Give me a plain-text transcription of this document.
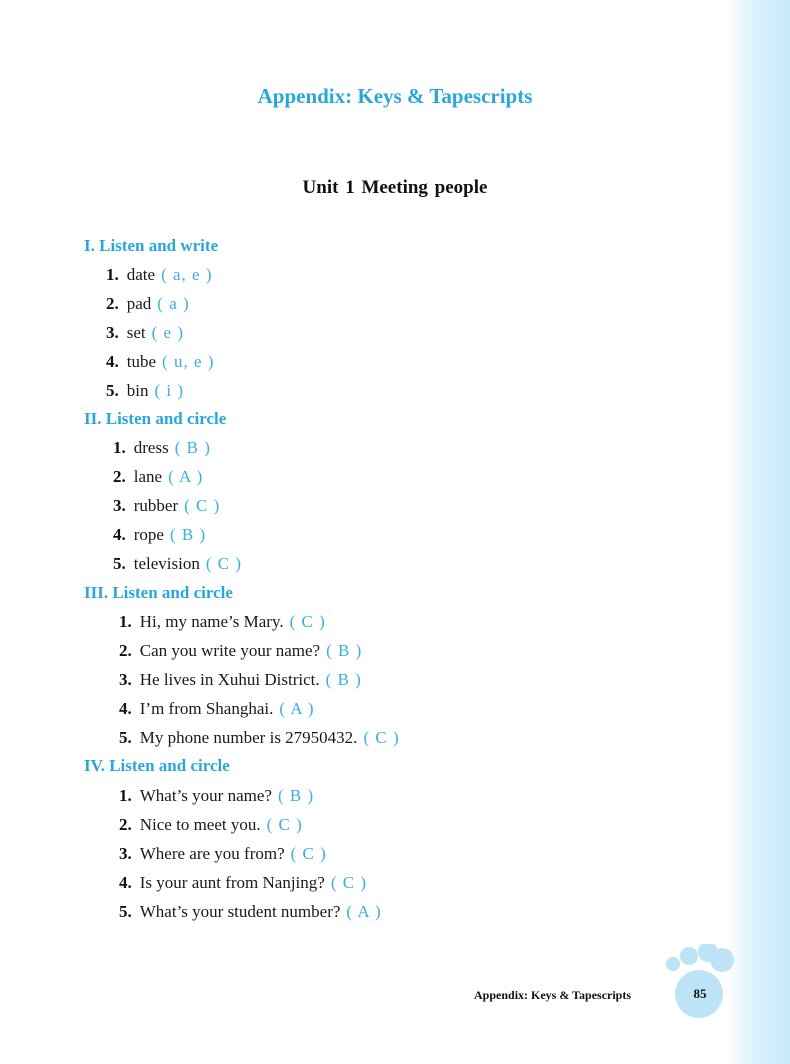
Appendix: Keys & Tapescripts
Unit 1 Meeting people
I. Listen and write
1. date ( a, e )
2. pad ( a )
3. set ( e )
4. tube ( u, e )
5. bin ( i )
II. Listen and circle
1. dress ( B )
2. lane ( A )
3. rubber ( C )
4. rope ( B )
5. television ( C )
III. Listen and circle
1. Hi, my name’s Mary. ( C )
2. Can you write your name? ( B )
3. He lives in Xuhui District. ( B )
4. I’m from Shanghai. ( A )
5. My phone number is 27950432. ( C )
IV. Listen and circle
1. What’s your name? ( B )
2. Nice to meet you. ( C )
3. Where are you from? ( C )
4. Is your aunt from Nanjing? ( C )
5. What’s your student number? ( A )
Appendix: Keys & Tapescripts	85
